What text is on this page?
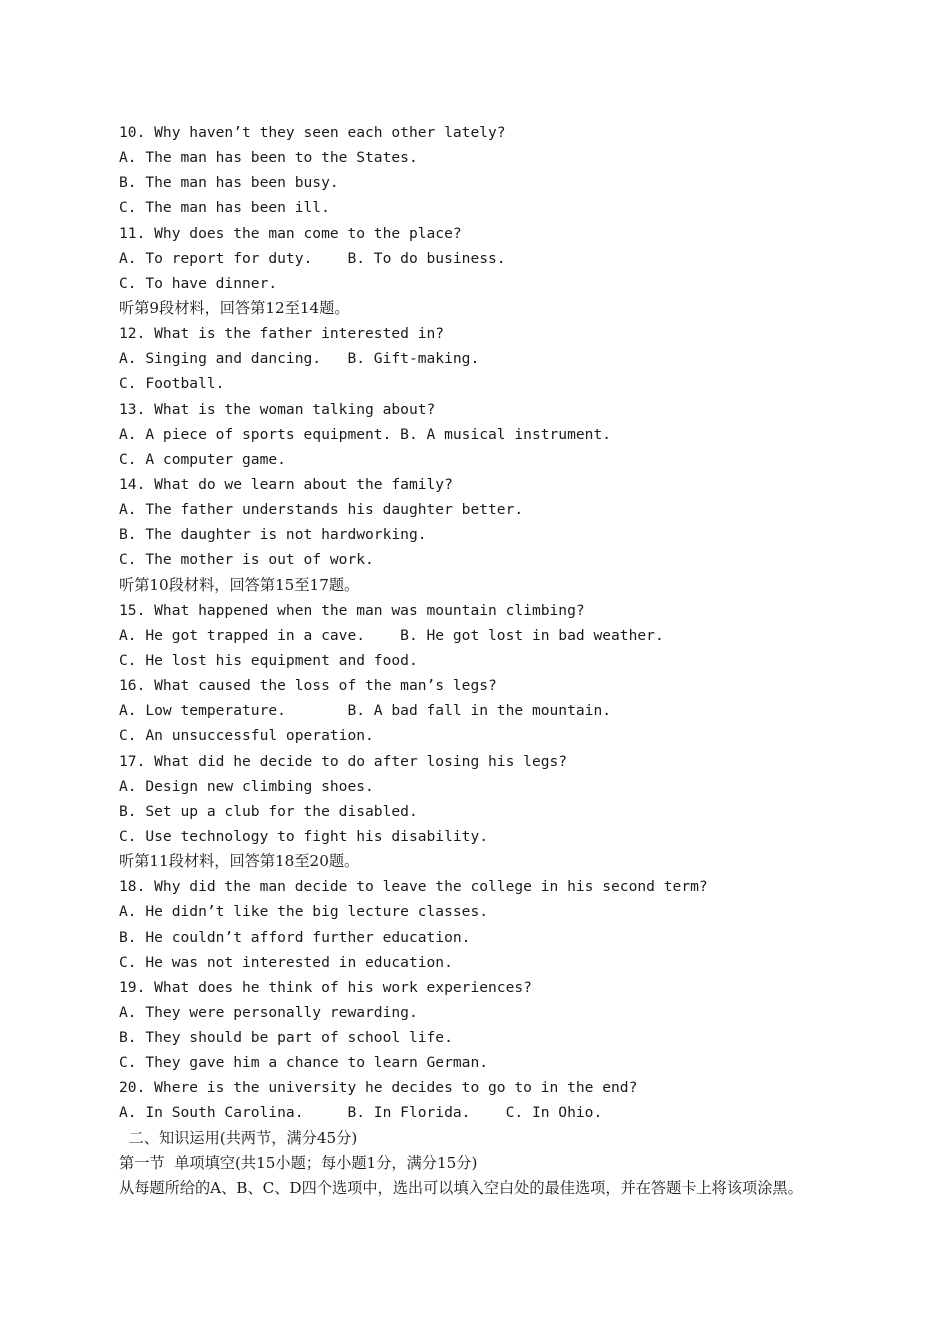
10. Why haven’t they seen each other lately?
A. The man has been to the States.
B. The man has been busy.
C. The man has been ill.
11. Why does the man come to the place?
A. To report for duty.    B. To do business.
C. To have dinner.
听第9段材料，回答第12至14题。
12. What is the father interested in?
A. Singing and dancing.   B. Gift-making.
C. Football.
13. What is the woman talking about?
A. A piece of sports equipment. B. A musical instrument.
C. A computer game.
14. What do we learn about the family?
A. The father understands his daughter better.
B. The daughter is not hardworking.
C. The mother is out of work.
听第10段材料，回答第15至17题。
15. What happened when the man was mountain climbing?
A. He got trapped in a cave.    B. He got lost in bad weather.
C. He lost his equipment and food.
16. What caused the loss of the man’s legs?
A. Low temperature.       B. A bad fall in the mountain.
C. An unsuccessful operation.
17. What did he decide to do after losing his legs?
A. Design new climbing shoes.
B. Set up a club for the disabled.
C. Use technology to fight his disability.
听第11段材料，回答第18至20题。
18. Why did the man decide to leave the college in his second term?
A. He didn’t like the big lecture classes.
B. He couldn’t afford further education.
C. He was not interested in education.
19. What does he think of his work experiences?
A. They were personally rewarding.
B. They should be part of school life.
C. They gave him a chance to learn German.
20. Where is the university he decides to go to in the end?
A. In South Carolina.     B. In Florida.    C. In Ohio.
二、知识运用(共两节，满分45分)
第一节  单项填空(共15小题；每小题1分，满分15分)
从每题所给的A、B、C、D四个选项中，选出可以填入空白处的最佳选项，并在答题卡上将该项涂黑。
